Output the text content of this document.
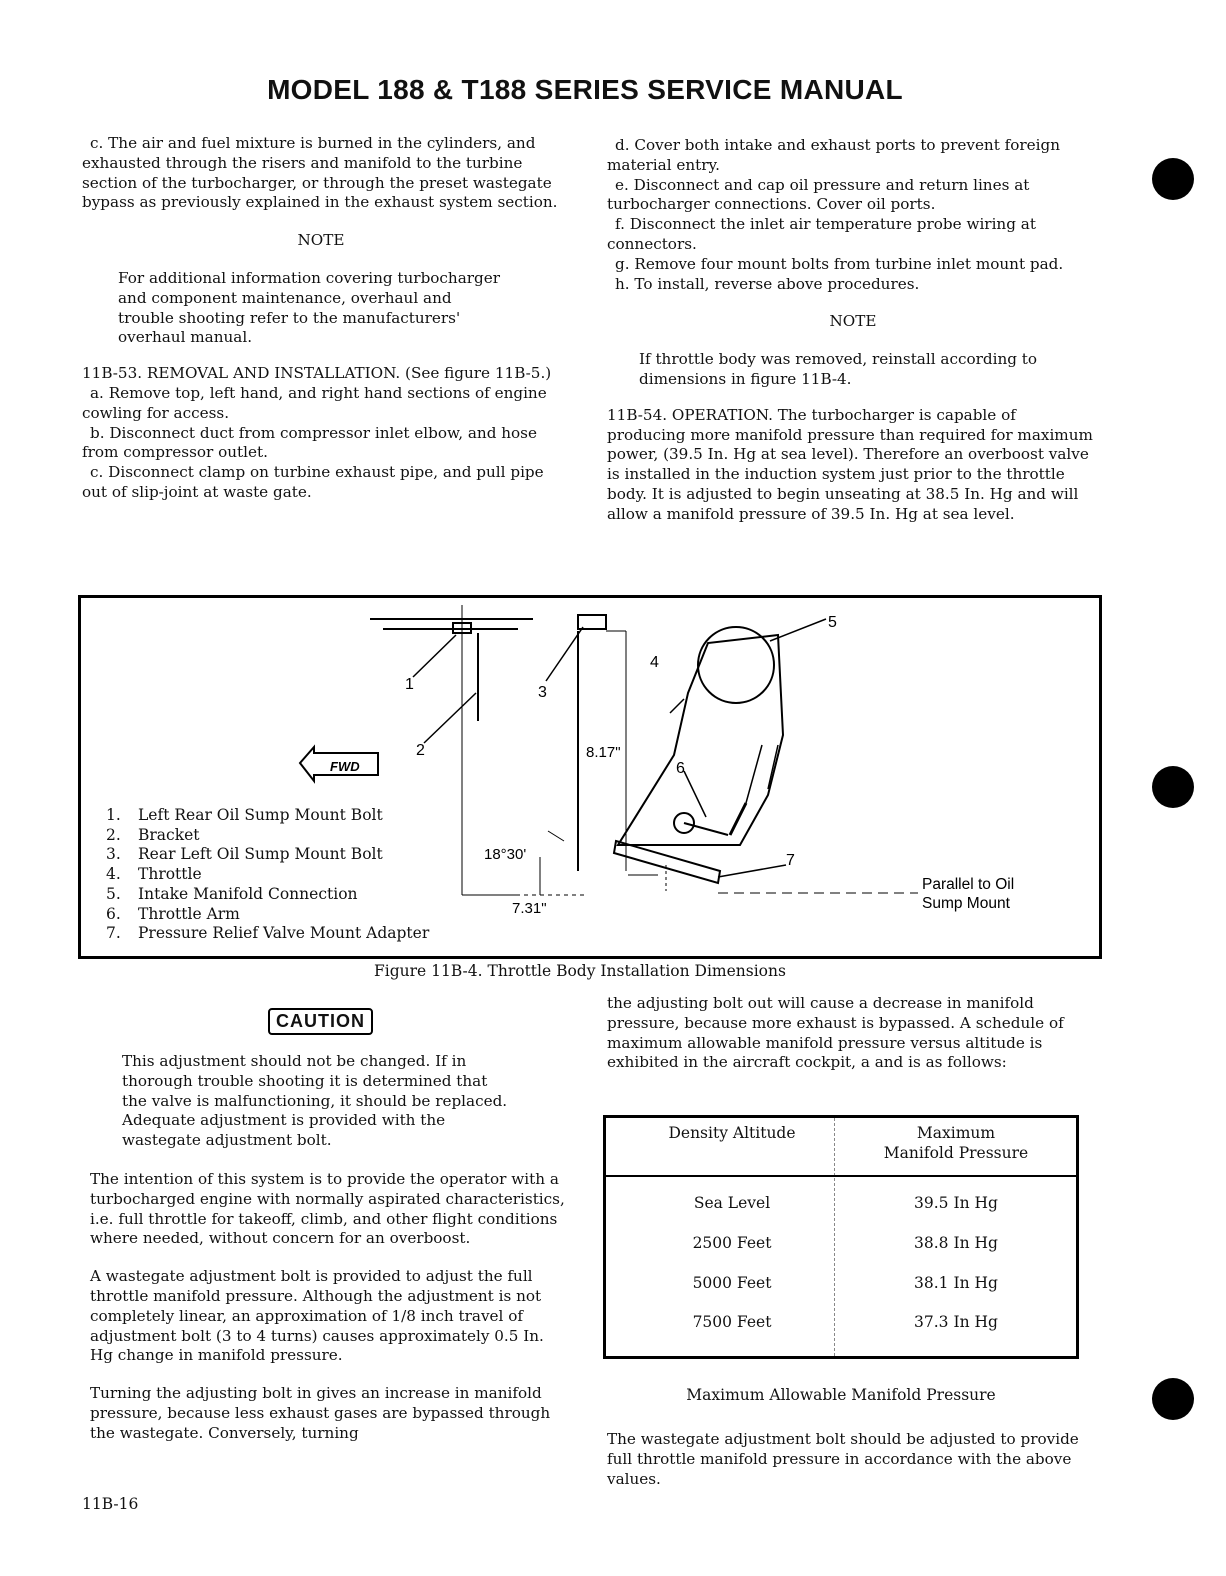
MODEL 188 & T188 SERIES SERVICE MANUAL

c. The air and fuel mixture is burned in the cylinders, and exhausted through the risers and manifold to the turbine section of the turbocharger, or through the preset wastegate bypass as previously explained in the exhaust system section.

NOTE

For additional information covering turbocharger and component maintenance, overhaul and trouble shooting refer to the manufacturers' overhaul manual.

11B-53. REMOVAL AND INSTALLATION. (See figure 11B-5.)

a. Remove top, left hand, and right hand sections of engine cowling for access.

b. Disconnect duct from compressor inlet elbow, and hose from compressor outlet.

c. Disconnect clamp on turbine exhaust pipe, and pull pipe out of slip-joint at waste gate.

d. Cover both intake and exhaust ports to prevent foreign material entry.

e. Disconnect and cap oil pressure and return lines at turbocharger connections. Cover oil ports.

f. Disconnect the inlet air temperature probe wiring at connectors.

g. Remove four mount bolts from turbine inlet mount pad.

h. To install, reverse above procedures.

NOTE

If throttle body was removed, reinstall according to dimensions in figure 11B-4.

11B-54. OPERATION. The turbocharger is capable of producing more manifold pressure than required for maximum power, (39.5 In. Hg at sea level). Therefore an overboost valve is installed in the induction system just prior to the throttle body. It is adjusted to begin unseating at 38.5 In. Hg and will allow a manifold pressure of 39.5 In. Hg at sea level.

1
2
3
4
5
6
7
FWD
8.17"
7.31"
18°30'
Parallel to Oil
Sump Mount
1. Left Rear Oil Sump Mount Bolt
2. Bracket
3. Rear Left Oil Sump Mount Bolt
4. Throttle
5. Intake Manifold Connection
6. Throttle Arm
7. Pressure Relief Valve Mount Adapter
Figure 11B-4. Throttle Body Installation Dimensions
CAUTION
This adjustment should not be changed. If in thorough trouble shooting it is determined that the valve is malfunctioning, it should be replaced. Adequate adjustment is provided with the wastegate adjustment bolt.

The intention of this system is to provide the operator with a turbocharged engine with normally aspirated characteristics, i.e. full throttle for takeoff, climb, and other flight conditions where needed, without concern for an overboost.

A wastegate adjustment bolt is provided to adjust the full throttle manifold pressure. Although the adjustment is not completely linear, an approximation of 1/8 inch travel of adjustment bolt (3 to 4 turns) causes approximately 0.5 In. Hg change in manifold pressure.

Turning the adjusting bolt in gives an increase in manifold pressure, because less exhaust gases are bypassed through the wastegate. Conversely, turning

the adjusting bolt out will cause a decrease in manifold pressure, because more exhaust is bypassed. A schedule of maximum allowable manifold pressure versus altitude is exhibited in the aircraft cockpit, a and is as follows:
Density Altitude	Maximum
Manifold Pressure
Sea Level	39.5 In Hg
2500 Feet	38.8 In Hg
5000 Feet	38.1 In Hg
7500 Feet	37.3 In Hg
Maximum Allowable Manifold Pressure
The wastegate adjustment bolt should be adjusted to provide full throttle manifold pressure in accordance with the above values.
11B-16
